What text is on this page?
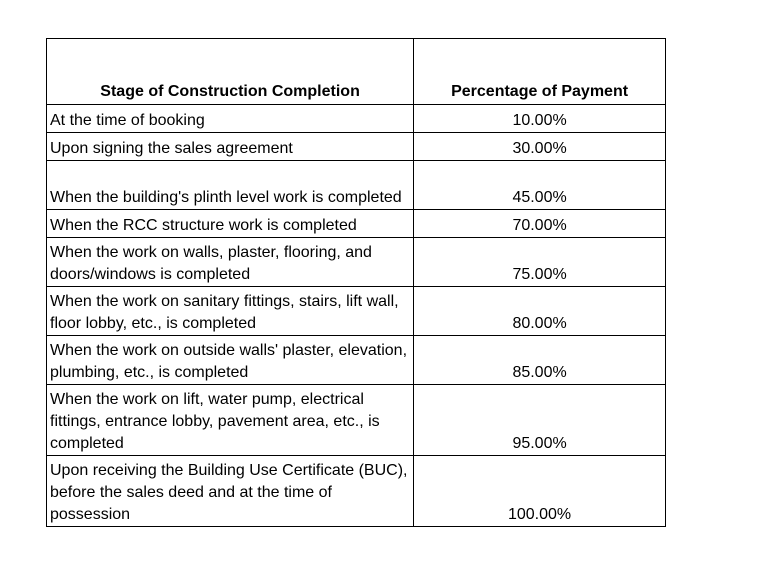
Stage of Construction Completion	Percentage of Payment
At the time of booking	10.00%
Upon signing the sales agreement	30.00%
When the building's plinth level work is completed	45.00%
When the RCC structure work is completed	70.00%
When the work on walls, plaster, flooring, and doors/windows is completed	75.00%
When the work on sanitary fittings, stairs, lift wall, floor lobby, etc., is completed	80.00%
When the work on outside walls' plaster, elevation, plumbing, etc., is completed	85.00%
When the work on lift, water pump, electrical fittings, entrance lobby, pavement area, etc., is completed	95.00%
Upon receiving the Building Use Certificate (BUC), before the sales deed and at the time of possession	100.00%
